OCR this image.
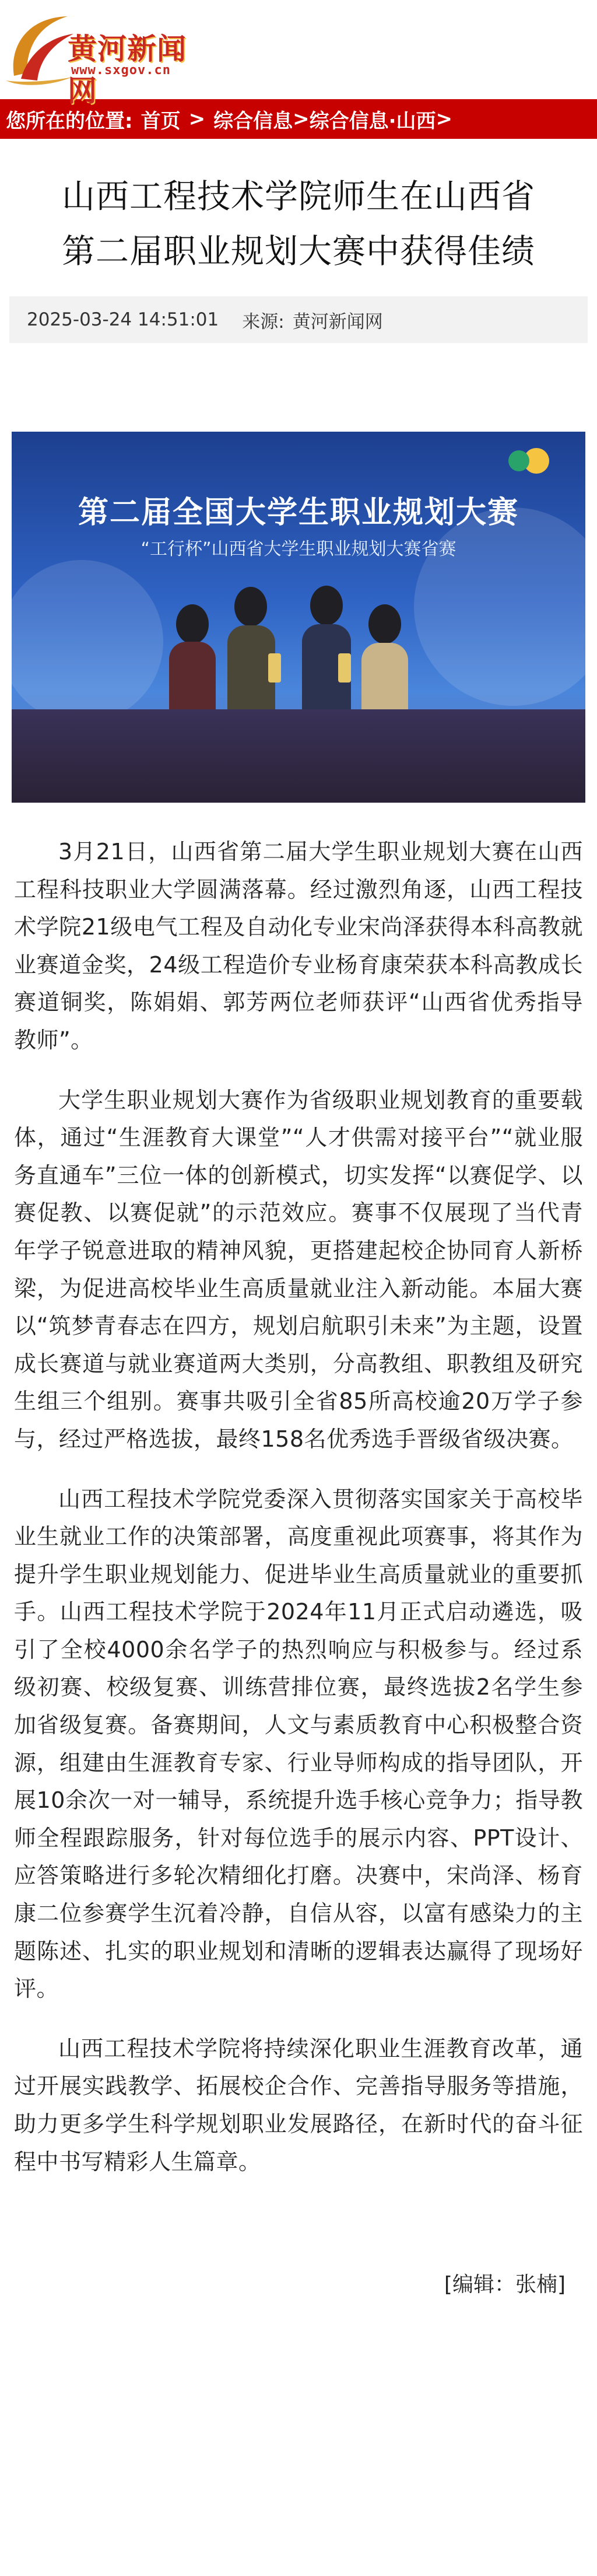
黄河新闻网
www.sxgov.cn
您所在的位置: 首页 > 综合信息 > 综合信息·山西 >
山西工程技术学院师生在山西省
第二届职业规划大赛中获得佳绩
2025-03-24 14:51:01 来源: 黄河新闻网
第二届全国大学生职业规划大赛
“工行杯”山西省大学生职业规划大赛省赛

3月21日，山西省第二届大学生职业规划大赛在山西工程科技职业大学圆满落幕。经过激烈角逐，山西工程技术学院21级电气工程及自动化专业宋尚泽获得本科高教就业赛道金奖，24级工程造价专业杨育康荣获本科高教成长赛道铜奖，陈娟娟、郭芳两位老师获评“山西省优秀指导教师”。

大学生职业规划大赛作为省级职业规划教育的重要载体，通过“生涯教育大课堂”“人才供需对接平台”“就业服务直通车”三位一体的创新模式，切实发挥“以赛促学、以赛促教、以赛促就”的示范效应。赛事不仅展现了当代青年学子锐意进取的精神风貌，更搭建起校企协同育人新桥梁，为促进高校毕业生高质量就业注入新动能。本届大赛以“筑梦青春志在四方，规划启航职引未来”为主题，设置成长赛道与就业赛道两大类别，分高教组、职教组及研究生组三个组别。赛事共吸引全省85所高校逾20万学子参与，经过严格选拔，最终158名优秀选手晋级省级决赛。

山西工程技术学院党委深入贯彻落实国家关于高校毕业生就业工作的决策部署，高度重视此项赛事，将其作为提升学生职业规划能力、促进毕业生高质量就业的重要抓手。山西工程技术学院于2024年11月正式启动遴选，吸引了全校4000余名学子的热烈响应与积极参与。经过系级初赛、校级复赛、训练营排位赛，最终选拔2名学生参加省级复赛。备赛期间，人文与素质教育中心积极整合资源，组建由生涯教育专家、行业导师构成的指导团队，开展10余次一对一辅导，系统提升选手核心竞争力；指导教师全程跟踪服务，针对每位选手的展示内容、PPT设计、应答策略进行多轮次精细化打磨。决赛中，宋尚泽、杨育康二位参赛学生沉着冷静，自信从容，以富有感染力的主题陈述、扎实的职业规划和清晰的逻辑表达赢得了现场好评。

山西工程技术学院将持续深化职业生涯教育改革，通过开展实践教学、拓展校企合作、完善指导服务等措施，助力更多学生科学规划职业发展路径，在新时代的奋斗征程中书写精彩人生篇章。

[编辑：张楠]
